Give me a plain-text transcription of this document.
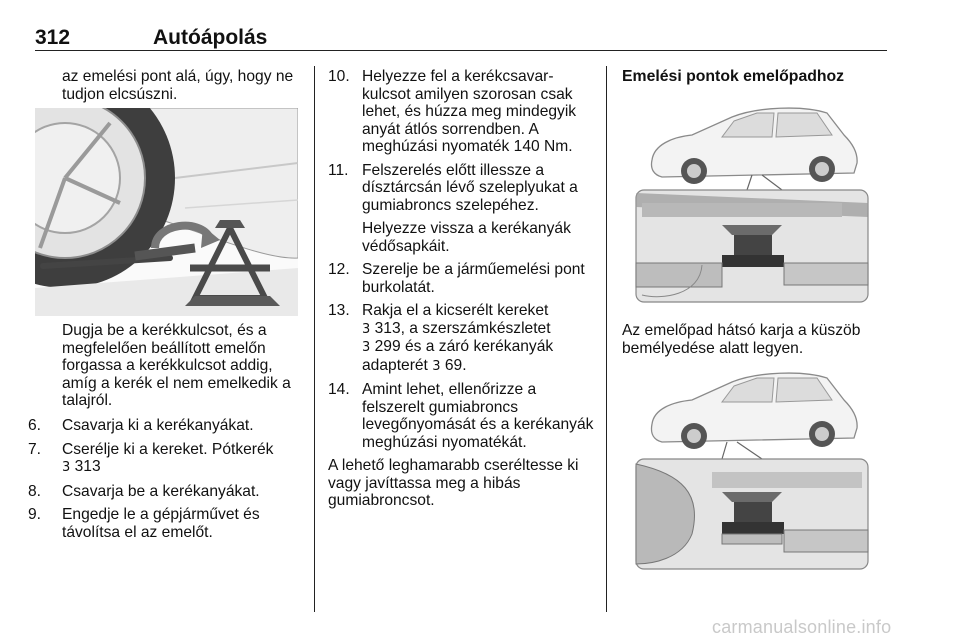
312	Autóápolás

az emelési pont alá, úgy, hogy ne

tudjon elcsúszni.

Dugja be a kerékkulcsot, és a

megfelelően beállított emelőn

forgassa a kerékkulcsot addig,

amíg a kerék el nem emelkedik a

talajról.

6. Csavarja ki a kerékanyákat.

7. Cserélje ki a kereket. Pótkerék

3 313

8. Csavarja be a kerékanyákat.

9. Engedje le a gépjárművet és

távolítsa el az emelőt.

10. Helyezze fel a kerékcsavar-

kulcsot amilyen szorosan csak

lehet, és húzza meg mindegyik

anyát átlós sorrendben. A

meghúzási nyomaték 140 Nm.

11. Felszerelés előtt illessze a

dísztárcsán lévő szeleplyukat a

gumiabroncs szelepéhez.

Helyezze vissza a kerékanyák

védősapkáit.

12. Szerelje be a járműemelési pont

burkolatát.

13. Rakja el a kicserélt kereket

3 313, a szerszámkészletet

3 299 és a záró kerékanyák

adapterét 3 69.

14. Amint lehet, ellenőrizze a

felszerelt gumiabroncs

levegőnyomását és a kerékanyák

meghúzási nyomatékát.

A lehető leghamarabb cseréltesse ki

vagy javíttassa meg a hibás

gumiabroncsot.

Emelési pontok emelőpadhoz

Az emelőpad hátsó karja a küszöb

bemélyedése alatt legyen.

carmanualsonline.info
